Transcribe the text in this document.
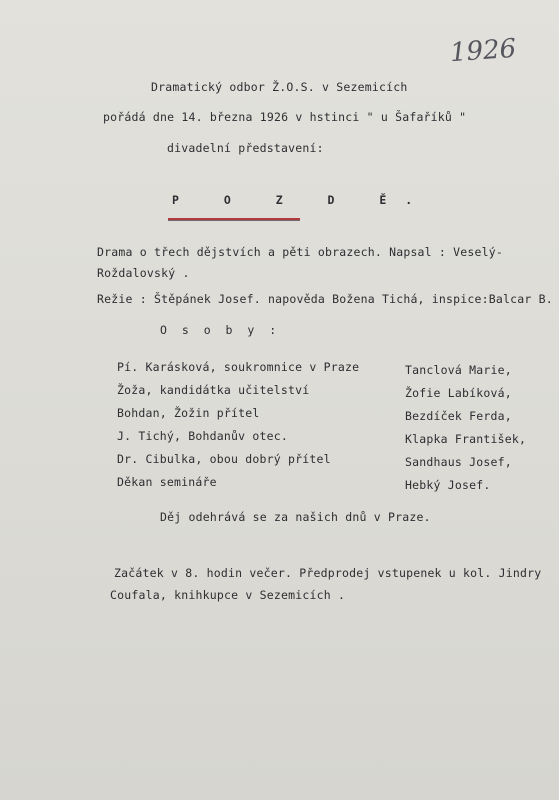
1926
Dramatický odbor Ž.O.S. v Sezemicích
pořádá dne 14. března 1926 v hstinci " u Šafaříků "
divadelní představení:
P O Z D Ě.
Drama o třech dějstvích a pěti obrazech. Napsal : Veselý-
Roždalovský .
Režie : Štěpánek Josef. napověda Božena Tichá, inspice:Balcar B.
O s o b y :
Pí. Karásková, soukromnice v Praze	Tanclová Marie,
Žoža, kandidátka učitelství	Žofie Labíková,
Bohdan, Žožin přítel	Bezdíček Ferda,
J. Tichý, Bohdanův otec.	Klapka František,
Dr. Cibulka, obou dobrý přítel	Sandhaus Josef,
Děkan semináře	Hebký Josef.
Děj odehrává se za našich dnů v Praze.
Začátek v 8. hodin večer. Předprodej vstupenek u kol. Jindry
Coufala, knihkupce v Sezemicích .
